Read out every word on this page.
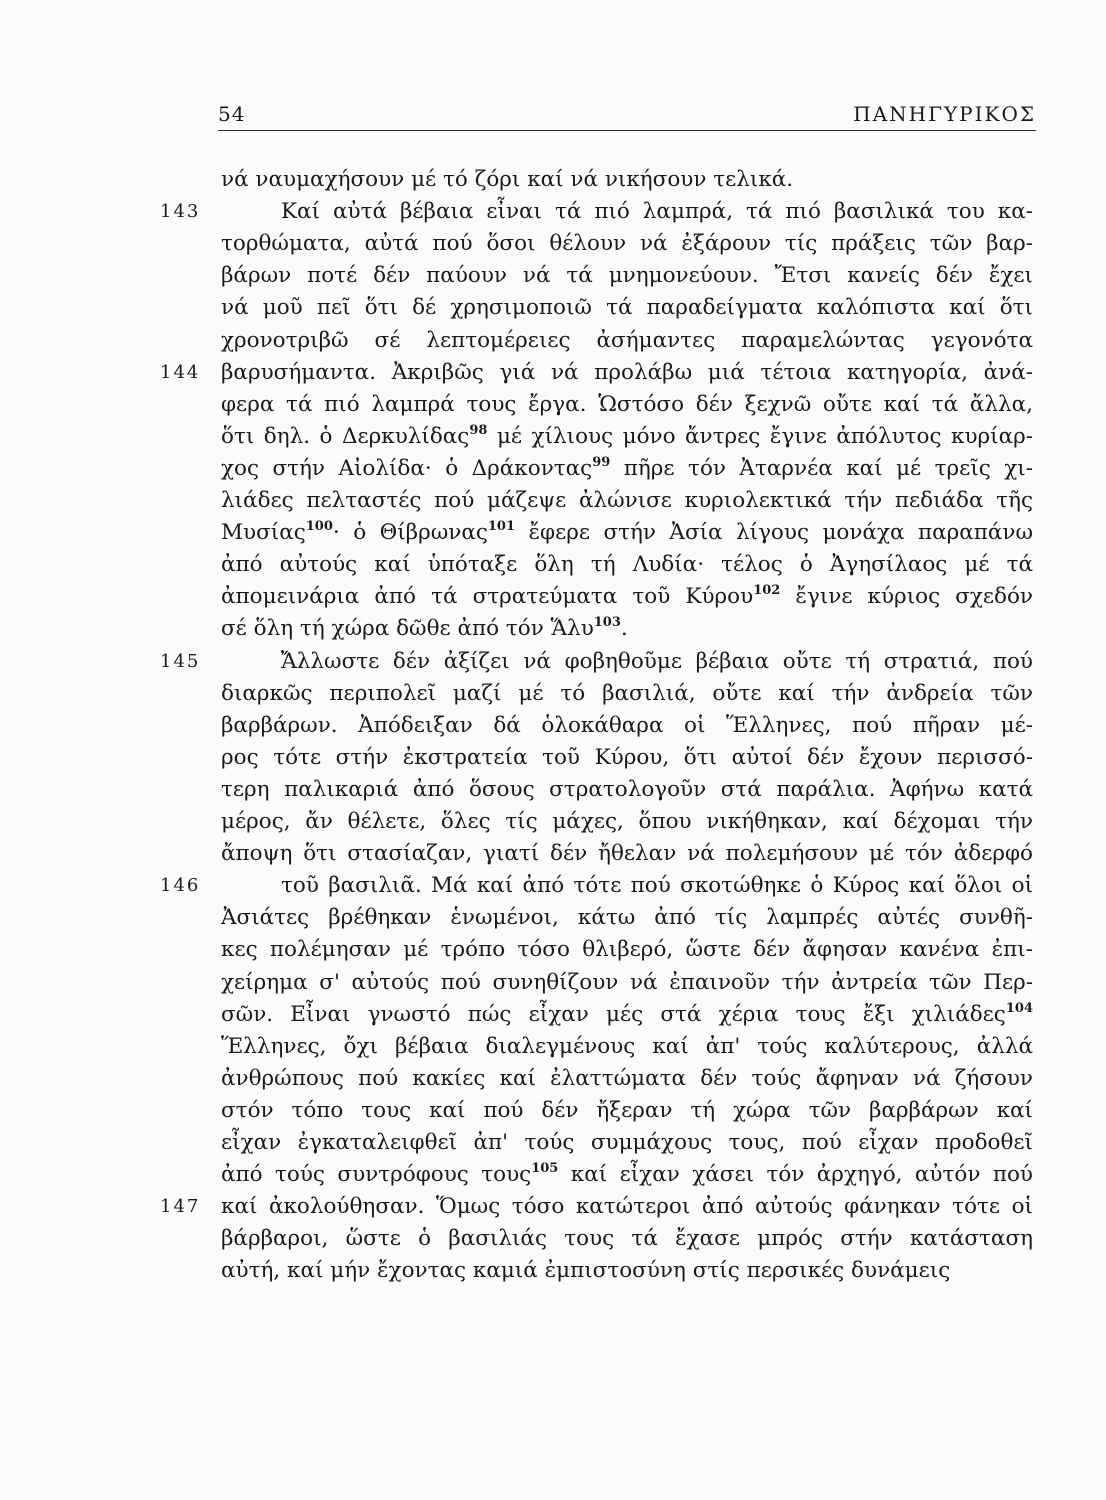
54	ΠΑΝΗΓΥΡΙΚΟΣ
νά ναυμαχήσουν μέ τό ζόρι καί νά νικήσουν τελικά.
Καί αὐτά βέβαια εἶναι τά πιό λαμπρά, τά πιό βασιλικά του κα-
143
τορθώματα, αὐτά πού ὅσοι θέλουν νά ἐξάρουν τίς πράξεις τῶν βαρ-
βάρων ποτέ δέν παύουν νά τά μνημονεύουν. Ἔτσι κανείς δέν ἔχει
νά μοῦ πεῖ ὅτι δέ χρησιμοποιῶ τά παραδείγματα καλόπιστα καί ὅτι
χρονοτριβῶ σέ λεπτομέρειες ἀσήμαντες παραμελώντας γεγονότα
βαρυσήμαντα. Ἀκριβῶς γιά νά προλάβω μιά τέτοια κατηγορία, ἀνά-
144
φερα τά πιό λαμπρά τους ἔργα. Ὡστόσο δέν ξεχνῶ οὔτε καί τά ἄλλα,
ὅτι δηλ. ὁ Δερκυλίδας$^{98}$ μέ χίλιους μόνο ἄντρες ἔγινε ἀπόλυτος κυρίαρ-
χος στήν Αἰολίδα· ὁ Δράκοντας$^{99}$ πῆρε τόν Ἀταρνέα καί μέ τρεῖς χι-
λιάδες πελταστές πού μάζεψε ἀλώνισε κυριολεκτικά τήν πεδιάδα τῆς
Μυσίας$^{100}$· ὁ Θίβρωνας$^{101}$ ἔφερε στήν Ἀσία λίγους μονάχα παραπάνω
ἀπό αὐτούς καί ὑπόταξε ὅλη τή Λυδία· τέλος ὁ Ἀγησίλαος μέ τά
ἀπομεινάρια ἀπό τά στρατεύματα τοῦ Κύρου$^{102}$ ἔγινε κύριος σχεδόν
σέ ὅλη τή χώρα δῶθε ἀπό τόν Ἅλυ$^{103}$.
Ἄλλωστε δέν ἀξίζει νά φοβηθοῦμε βέβαια οὔτε τή στρατιά, πού
145
διαρκῶς περιπολεῖ μαζί μέ τό βασιλιά, οὔτε καί τήν ἀνδρεία τῶν
βαρβάρων. Ἀπόδειξαν δά ὁλοκάθαρα οἱ Ἕλληνες, πού πῆραν μέ-
ρος τότε στήν ἐκστρατεία τοῦ Κύρου, ὅτι αὐτοί δέν ἔχουν περισσό-
τερη παλικαριά ἀπό ὅσους στρατολογοῦν στά παράλια. Ἀφήνω κατά
μέρος, ἄν θέλετε, ὅλες τίς μάχες, ὅπου νικήθηκαν, καί δέχομαι τήν
ἄποψη ὅτι στασίαζαν, γιατί δέν ἤθελαν νά πολεμήσουν μέ τόν ἀδερφό
τοῦ βασιλιᾶ. Μά καί ἀπό τότε πού σκοτώθηκε ὁ Κύρος καί ὅλοι οἱ
146
Ἀσιάτες βρέθηκαν ἑνωμένοι, κάτω ἀπό τίς λαμπρές αὐτές συνθῆ-
κες πολέμησαν μέ τρόπο τόσο θλιβερό, ὥστε δέν ἄφησαν κανένα ἐπι-
χείρημα σ' αὐτούς πού συνηθίζουν νά ἐπαινοῦν τήν ἀντρεία τῶν Περ-
σῶν. Εἶναι γνωστό πώς εἶχαν μές στά χέρια τους ἔξι χιλιάδες$^{104}$
Ἕλληνες, ὄχι βέβαια διαλεγμένους καί ἀπ' τούς καλύτερους, ἀλλά
ἀνθρώπους πού κακίες καί ἐλαττώματα δέν τούς ἄφηναν νά ζήσουν
στόν τόπο τους καί πού δέν ἤξεραν τή χώρα τῶν βαρβάρων καί
εἶχαν ἐγκαταλειφθεῖ ἀπ' τούς συμμάχους τους, πού εἶχαν προδοθεῖ
ἀπό τούς συντρόφους τους$^{105}$ καί εἶχαν χάσει τόν ἀρχηγό, αὐτόν πού
καί ἀκολούθησαν. Ὅμως τόσο κατώτεροι ἀπό αὐτούς φάνηκαν τότε οἱ
147
βάρβαροι, ὥστε ὁ βασιλιάς τους τά ἔχασε μπρός στήν κατάσταση
αὐτή, καί μήν ἔχοντας καμιά ἐμπιστοσύνη στίς περσικές δυνάμεις
